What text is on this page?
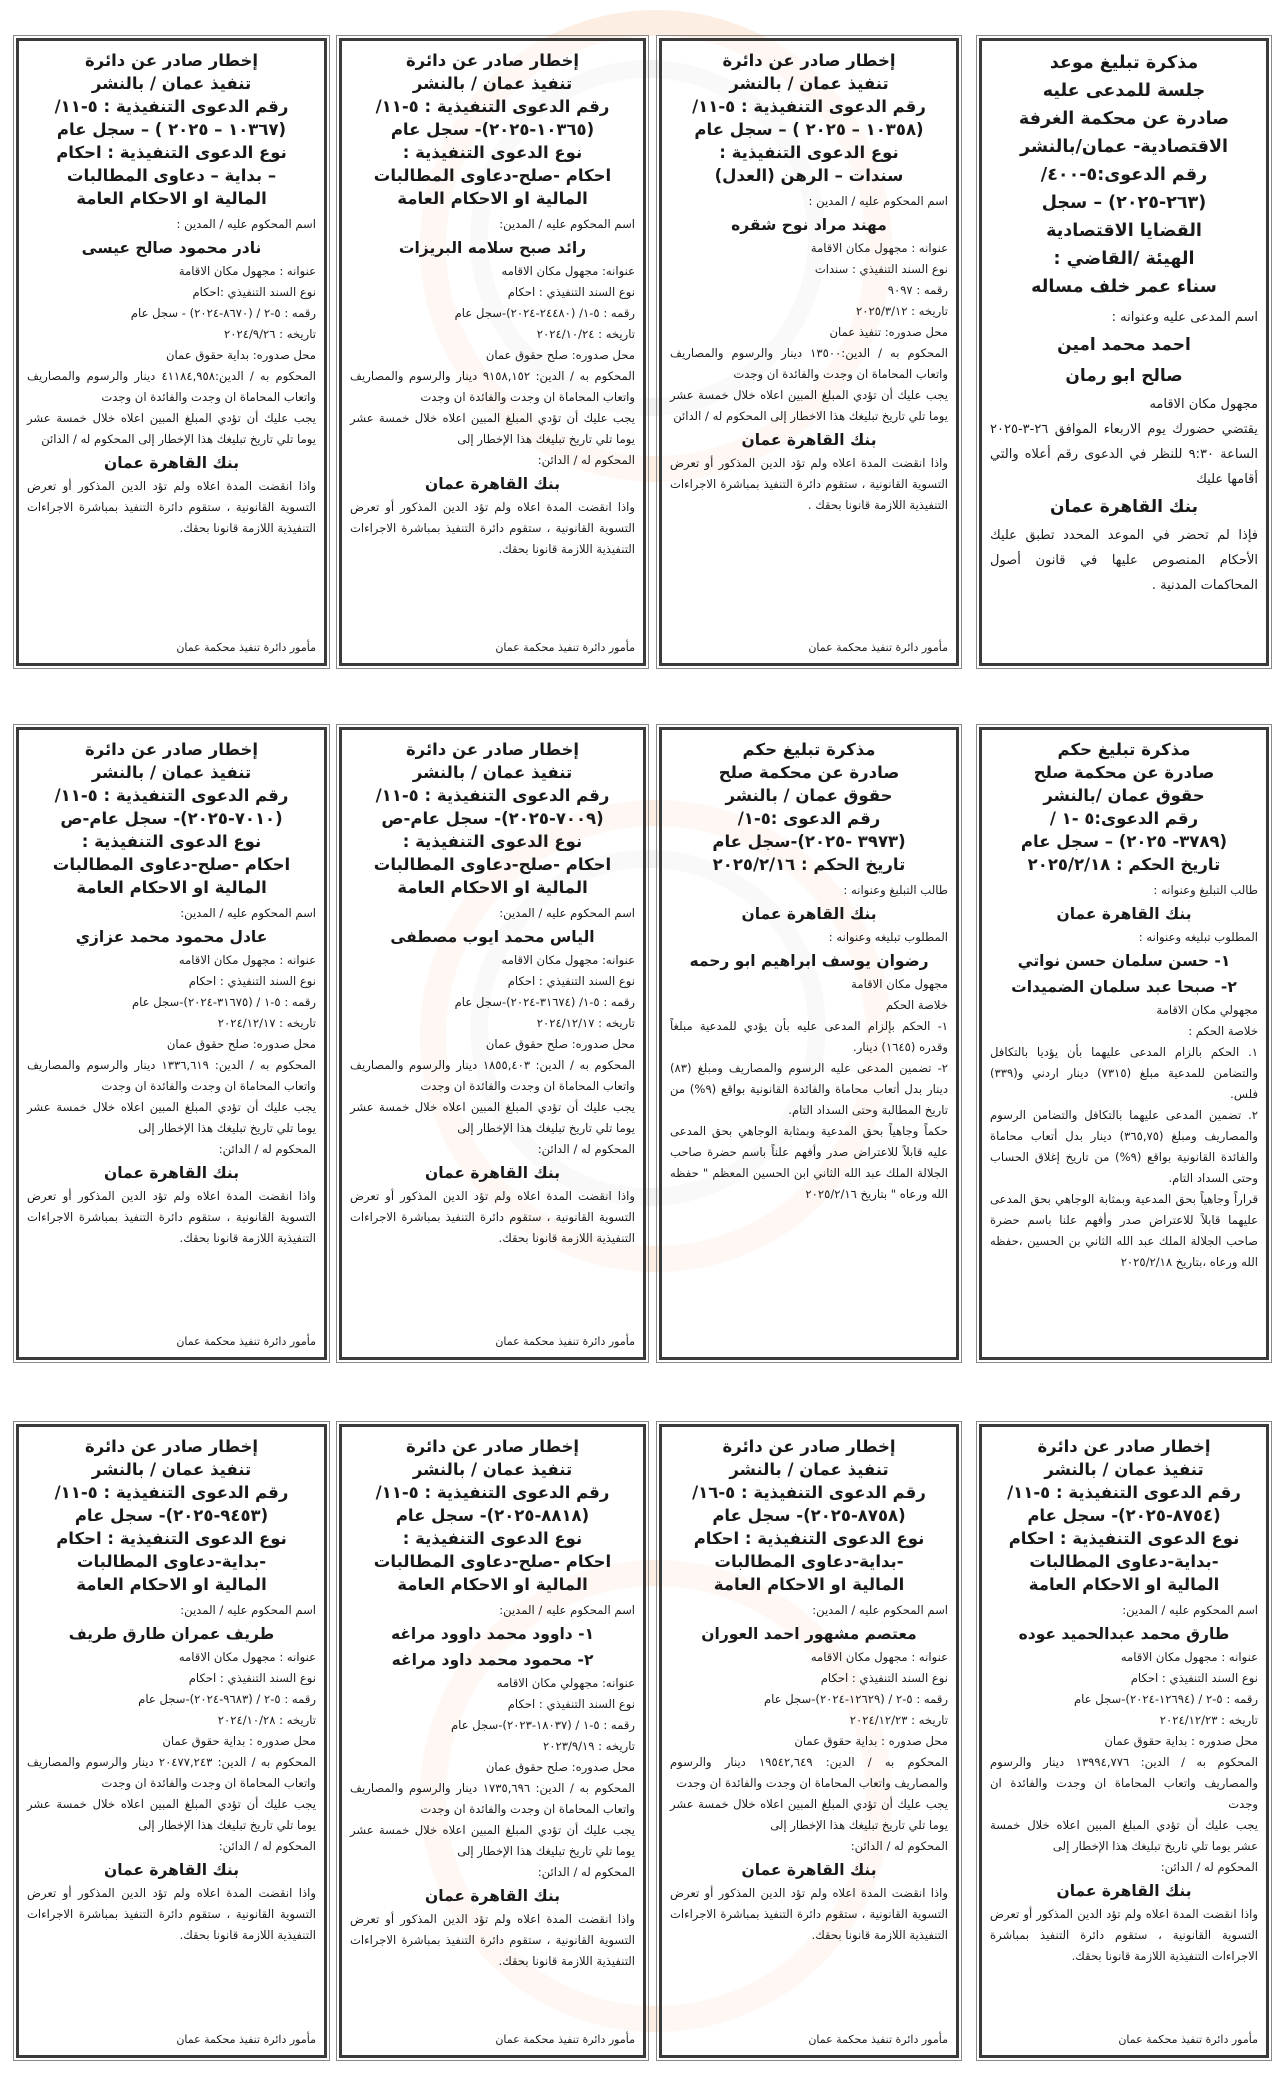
مذكرة تبليغ موعد
جلسة للمدعى عليه
صادرة عن محكمة الغرفة
الاقتصادية- عمان/بالنشر
رقم الدعوى:٥-٤٠٠/
(٢٦٣-٢٠٢٥) – سجل
القضايا الاقتصادية
الهيئة /القاضي :
سناء عمر خلف مساله
اسم المدعى عليه وعنوانه :
احمد محمد امين
صالح ابو رمان
مجهول مكان الاقامه
يقتضي حضورك يوم الاربعاء الموافق ٢٦-٣-٢٠٢٥ الساعة ٩:٣٠ للنظر في الدعوى رقم أعلاه والتي أقامها عليك
بنك القاهرة عمان
فإذا لم تحضر في الموعد المحدد تطبق عليك الأحكام المنصوص عليها في قانون أصول المحاكمات المدنية .
إخطار صادر عن دائرة
تنفيذ عمان / بالنشر
رقم الدعوى التنفيذية : ٥-١١/
(١٠٣٥٨ – ٢٠٢٥ ) – سجل عام
نوع الدعوى التنفيذية :
سندات – الرهن (العدل)
اسم المحكوم عليه / المدين :
مهند مراد نوح شقره
عنوانه : مجهول مكان الاقامة
نوع السند التنفيذي : سندات
رقمه : ٩٠٩٧
تاريخه : ٢٠٢٥/٣/١٢
محل صدوره: تنفيذ عمان
المحكوم به / الدين:١٣٥٠٠ دينار والرسوم والمصاريف واتعاب المحاماة ان وجدت والفائدة ان وجدت
يجب عليك أن تؤدي المبلغ المبين اعلاه خلال خمسة عشر يوما تلي تاريخ تبليغك هذا الاخطار إلى المحكوم له / الدائن
بنك القاهرة عمان
واذا انقضت المدة اعلاه ولم تؤد الدين المذكور أو تعرض التسوية القانونية ، ستقوم دائرة التنفيذ بمباشرة الاجراءات التنفيذية اللازمة قانونا بحقك .
مأمور دائرة تنفيذ محكمة عمان
إخطار صادر عن دائرة
تنفيذ عمان / بالنشر
رقم الدعوى التنفيذية : ٥-١١/
(١٠٣٦٥-٢٠٢٥)- سجل عام
نوع الدعوى التنفيذية :
احكام -صلح-دعاوى المطالبات
المالية او الاحكام العامة
اسم المحكوم عليه / المدين:
رائد صبح سلامه البريزات
عنوانه: مجهول مكان الاقامه
نوع السند التنفيذي : احكام
رقمه : ٥-١/ (٢٤٤٨٠-٢٠٢٤)-سجل عام
تاريخه : ٢٠٢٤/١٠/٢٤
محل صدوره: صلح حقوق عمان
المحكوم به / الدين: ٩١٥٨,١٥٢ دينار والرسوم والمصاريف واتعاب المحاماة ان وجدت والفائدة ان وجدت
يجب عليك أن تؤدي المبلغ المبين اعلاه خلال خمسة عشر يوما تلي تاريخ تبليغك هذا الإخطار إلى
المحكوم له / الدائن:
بنك القاهرة عمان
واذا انقضت المدة اعلاه ولم تؤد الدين المذكور أو تعرض التسوية القانونية ، ستقوم دائرة التنفيذ بمباشرة الاجراءات التنفيذية اللازمة قانونا بحقك.
مأمور دائرة تنفيذ محكمة عمان
إخطار صادر عن دائرة
تنفيذ عمان / بالنشر
رقم الدعوى التنفيذية : ٥-١١/
(١٠٣٦٧ – ٢٠٢٥ ) – سجل عام
نوع الدعوى التنفيذية : احكام
– بداية – دعاوى المطالبات
المالية او الاحكام العامة
اسم المحكوم عليه / المدين :
نادر محمود صالح عيسى
عنوانه : مجهول مكان الاقامة
نوع السند التنفيذي :احكام
رقمه : ٥-٢ / (٨٦٧٠-٢٠٢٤) - سجل عام
تاريخه : ٢٠٢٤/٩/٢٦
محل صدوره: بداية حقوق عمان
المحكوم به / الدين:٤١١٨٤,٩٥٨ دينار والرسوم والمصاريف واتعاب المحاماة ان وجدت والفائدة ان وجدت
يجب عليك أن تؤدي المبلغ المبين اعلاه خلال خمسة عشر يوما تلي تاريخ تبليغك هذا الإخطار إلى المحكوم له / الدائن
بنك القاهرة عمان
واذا انقضت المدة اعلاه ولم تؤد الدين المذكور أو تعرض التسوية القانونية ، ستقوم دائرة التنفيذ بمباشرة الاجراءات التنفيذية اللازمة قانونا بحقك.
مأمور دائرة تنفيذ محكمة عمان
مذكرة تبليغ حكم
صادرة عن محكمة صلح
حقوق عمان /بالنشر
رقم الدعوى:٥ -١ /
(٣٧٨٩- ٢٠٢٥) – سجل عام
تاريخ الحكم : ٢٠٢٥/٢/١٨
طالب التبليغ وعنوانه :
بنك القاهرة عمان
المطلوب تبليغه وعنوانه :
١- حسن سلمان حسن نواتي
٢- صبحا عبد سلمان الضميدات
مجهولي مكان الاقامة
خلاصة الحكم :
١. الحكم بالزام المدعى عليهما بأن يؤديا بالتكافل والتضامن للمدعية مبلغ (٧٣١٥) دينار اردني و(٣٣٩) فلس.
٢. تضمين المدعى عليهما بالتكافل والتضامن الرسوم والمصاريف ومبلغ (٣٦٥,٧٥) دينار بدل أتعاب محاماة والفائدة القانونية بواقع (٩%) من تاريخ إغلاق الحساب وحتى السداد التام.
قراراً وجاهياً بحق المدعية وبمثابة الوجاهي بحق المدعى عليهما قابلاً للاعتراض صدر وأفهم علنا باسم حضرة صاحب الجلالة الملك عبد الله الثاني بن الحسين ،حفظه الله ورعاه ،بتاريخ ٢٠٢٥/٢/١٨
مذكرة تبليغ حكم
صادرة عن محكمة صلح
حقوق عمان / بالنشر
رقم الدعوى :٥-١/
(٣٩٧٣ -٢٠٢٥)-سجل عام
تاريخ الحكم : ٢٠٢٥/٢/١٦
طالب التبليغ وعنوانه :
بنك القاهرة عمان
المطلوب تبليغه وعنوانه :
رضوان يوسف ابراهيم ابو رحمه
مجهول مكان الاقامة
خلاصة الحكم
١- الحكم بإلزام المدعى عليه بأن يؤدي للمدعية مبلغاً وقدره (١٦٤٥) دينار.
٢- تضمين المدعى عليه الرسوم والمصاريف ومبلغ (٨٣) دينار بدل أتعاب محاماة والفائدة القانونية بواقع (٩%) من تاريخ المطالبة وحتى السداد التام.
حكماً وجاهياً بحق المدعية وبمثابة الوجاهي بحق المدعى عليه قابلاً للاعتراض صدر وأفهم علناً باسم حضرة صاحب الجلالة الملك عبد الله الثاني ابن الحسين المعظم " حفظه الله ورعاه " بتاريخ ٢٠٢٥/٢/١٦
إخطار صادر عن دائرة
تنفيذ عمان / بالنشر
رقم الدعوى التنفيذية : ٥-١١/
(٧٠٠٩-٢٠٢٥)- سجل عام-ص
نوع الدعوى التنفيذية :
احكام -صلح-دعاوى المطالبات
المالية او الاحكام العامة
اسم المحكوم عليه / المدين:
الياس محمد ايوب مصطفى
عنوانه: مجهول مكان الاقامه
نوع السند التنفيذي : احكام
رقمه : ٥-١/ (٣١٦٧٤-٢٠٢٤)-سجل عام
تاريخه : ٢٠٢٤/١٢/١٧
محل صدوره: صلح حقوق عمان
المحكوم به / الدين: ١٨٥٥,٤٠٣ دينار والرسوم والمصاريف واتعاب المحاماة ان وجدت والفائدة ان وجدت
يجب عليك أن تؤدي المبلغ المبين اعلاه خلال خمسة عشر يوما تلي تاريخ تبليغك هذا الإخطار إلى
المحكوم له / الدائن:
بنك القاهرة عمان
واذا انقضت المدة اعلاه ولم تؤد الدين المذكور أو تعرض التسوية القانونية ، ستقوم دائرة التنفيذ بمباشرة الاجراءات التنفيذية اللازمة قانونا بحقك.
مأمور دائرة تنفيذ محكمة عمان
إخطار صادر عن دائرة
تنفيذ عمان / بالنشر
رقم الدعوى التنفيذية : ٥-١١/
(٧٠١٠-٢٠٢٥)- سجل عام-ص
نوع الدعوى التنفيذية :
احكام -صلح-دعاوى المطالبات
المالية او الاحكام العامة
اسم المحكوم عليه / المدين:
عادل محمود محمد عزازي
عنوانه : مجهول مكان الاقامه
نوع السند التنفيذي : احكام
رقمه : ٥-١ / (٣١٦٧٥-٢٠٢٤)-سجل عام
تاريخه : ٢٠٢٤/١٢/١٧
محل صدوره: صلح حقوق عمان
المحكوم به / الدين: ١٣٣٦,٦١٩ دينار والرسوم والمصاريف واتعاب المحاماة ان وجدت والفائدة ان وجدت
يجب عليك أن تؤدي المبلغ المبين اعلاه خلال خمسة عشر يوما تلي تاريخ تبليغك هذا الإخطار إلى
المحكوم له / الدائن:
بنك القاهرة عمان
واذا انقضت المدة اعلاه ولم تؤد الدين المذكور أو تعرض التسوية القانونية ، ستقوم دائرة التنفيذ بمباشرة الاجراءات التنفيذية اللازمة قانونا بحقك.
مأمور دائرة تنفيذ محكمة عمان
إخطار صادر عن دائرة
تنفيذ عمان / بالنشر
رقم الدعوى التنفيذية : ٥-١١/
(٨٧٥٤-٢٠٢٥)- سجل عام
نوع الدعوى التنفيذية : احكام
-بداية-دعاوى المطالبات
المالية او الاحكام العامة
اسم المحكوم عليه / المدين:
طارق محمد عبدالحميد عوده
عنوانه : مجهول مكان الاقامه
نوع السند التنفيذي : احكام
رقمه : ٥-٢ / (١٢٦٩٤-٢٠٢٤)-سجل عام
تاريخه : ٢٠٢٤/١٢/٢٣
محل صدوره : بداية حقوق عمان
المحكوم به / الدين: ١٣٩٩٤,٧٧٦ دينار والرسوم والمصاريف واتعاب المحاماة ان وجدت والفائدة ان وجدت
يجب عليك أن تؤدي المبلغ المبين اعلاه خلال خمسة عشر يوما تلي تاريخ تبليغك هذا الإخطار إلى
المحكوم له / الدائن:
بنك القاهرة عمان
واذا انقضت المدة اعلاه ولم تؤد الدين المذكور أو تعرض التسوية القانونية ، ستقوم دائرة التنفيذ بمباشرة الاجراءات التنفيذية اللازمة قانونا بحقك.
مأمور دائرة تنفيذ محكمة عمان
إخطار صادر عن دائرة
تنفيذ عمان / بالنشر
رقم الدعوى التنفيذية : ٥-١٦/
(٨٧٥٨-٢٠٢٥)- سجل عام
نوع الدعوى التنفيذية : احكام
-بداية-دعاوى المطالبات
المالية او الاحكام العامة
اسم المحكوم عليه / المدين:
معتصم مشهور احمد العوران
عنوانه : مجهول مكان الاقامه
نوع السند التنفيذي : احكام
رقمه : ٥-٢ / (١٢٦٢٩-٢٠٢٤)-سجل عام
تاريخه : ٢٠٢٤/١٢/٢٣
محل صدوره : بداية حقوق عمان
المحكوم به / الدين: ١٩٥٤٢,٦٤٩ دينار والرسوم والمصاريف واتعاب المحاماة ان وجدت والفائدة ان وجدت
يجب عليك أن تؤدي المبلغ المبين اعلاه خلال خمسة عشر يوما تلي تاريخ تبليغك هذا الإخطار إلى
المحكوم له / الدائن:
بنك القاهرة عمان
واذا انقضت المدة اعلاه ولم تؤد الدين المذكور أو تعرض التسوية القانونية ، ستقوم دائرة التنفيذ بمباشرة الاجراءات التنفيذية اللازمة قانونا بحقك.
مأمور دائرة تنفيذ محكمة عمان
إخطار صادر عن دائرة
تنفيذ عمان / بالنشر
رقم الدعوى التنفيذية : ٥-١١/
(٨٨١٨-٢٠٢٥)- سجل عام
نوع الدعوى التنفيذية :
احكام -صلح-دعاوى المطالبات
المالية او الاحكام العامة
اسم المحكوم عليه / المدين:
١- داوود محمد داوود مراغه
٢- محمود محمد داود مراغه
عنوانه: مجهولي مكان الاقامه
نوع السند التنفيذي : احكام
رقمه : ٥-١ / (١٨٠٣٧-٢٠٢٣)-سجل عام
تاريخه : ٢٠٢٣/٩/١٩
محل صدوره: صلح حقوق عمان
المحكوم به / الدين: ١٧٣٥,٦٩٦ دينار والرسوم والمصاريف واتعاب المحاماة ان وجدت والفائدة ان وجدت
يجب عليك أن تؤدي المبلغ المبين اعلاه خلال خمسة عشر يوما تلي تاريخ تبليغك هذا الإخطار إلى
المحكوم له / الدائن:
بنك القاهرة عمان
واذا انقضت المدة اعلاه ولم تؤد الدين المذكور أو تعرض التسوية القانونية ، ستقوم دائرة التنفيذ بمباشرة الاجراءات التنفيذية اللازمة قانونا بحقك.
مأمور دائرة تنفيذ محكمة عمان
إخطار صادر عن دائرة
تنفيذ عمان / بالنشر
رقم الدعوى التنفيذية : ٥-١١/
(٩٤٥٣-٢٠٢٥)- سجل عام
نوع الدعوى التنفيذية : احكام
-بداية-دعاوى المطالبات
المالية او الاحكام العامة
اسم المحكوم عليه / المدين:
طريف عمران طارق طريف
عنوانه : مجهول مكان الاقامه
نوع السند التنفيذي : احكام
رقمه : ٥-٢ / (٩٦٨٣-٢٠٢٤)-سجل عام
تاريخه : ٢٠٢٤/١٠/٢٨
محل صدوره : بداية حقوق عمان
المحكوم به / الدين: ٢٠٤٧٧,٢٤٣ دينار والرسوم والمصاريف واتعاب المحاماة ان وجدت والفائدة ان وجدت
يجب عليك أن تؤدي المبلغ المبين اعلاه خلال خمسة عشر يوما تلي تاريخ تبليغك هذا الإخطار إلى
المحكوم له / الدائن:
بنك القاهرة عمان
واذا انقضت المدة اعلاه ولم تؤد الدين المذكور أو تعرض التسوية القانونية ، ستقوم دائرة التنفيذ بمباشرة الاجراءات التنفيذية اللازمة قانونا بحقك.
مأمور دائرة تنفيذ محكمة عمان
